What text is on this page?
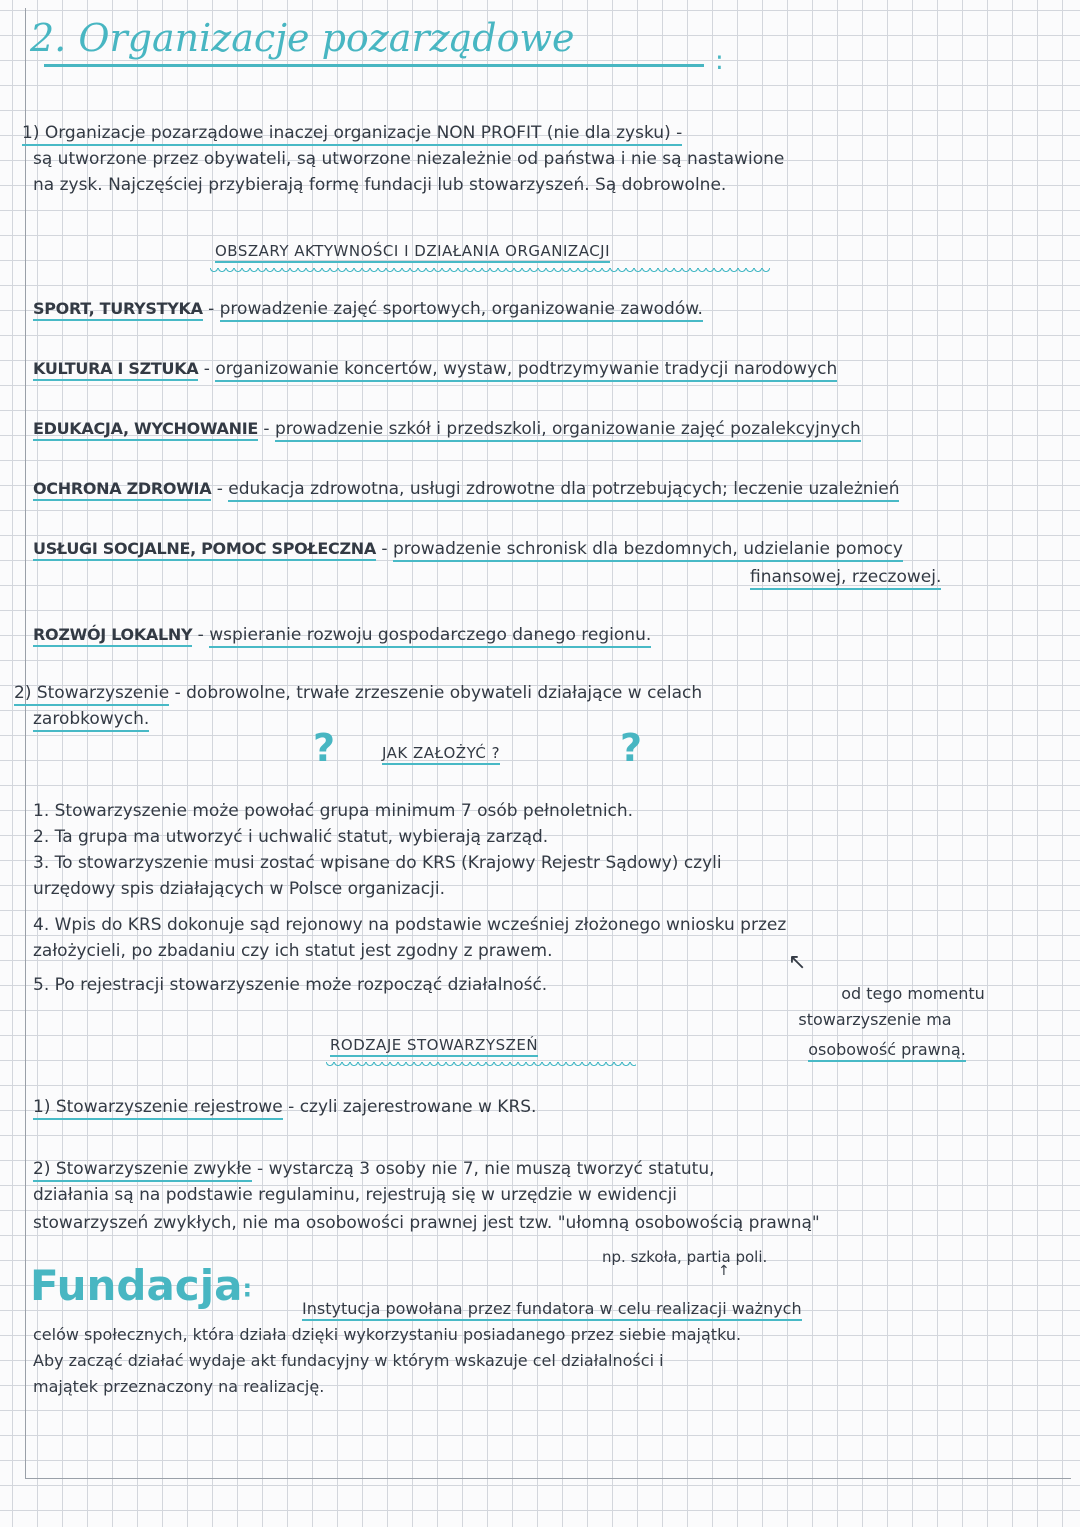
2. Organizacje pozarządowe
:
1) Organizacje pozarządowe inaczej organizacje NON PROFIT (nie dla zysku) -
są utworzone przez obywateli, są utworzone niezależnie od państwa i nie są nastawione
na zysk. Najczęściej przybierają formę fundacji lub stowarzyszeń. Są dobrowolne.
OBSZARY AKTYWNOŚCI I DZIAŁANIA ORGANIZACJI
SPORT, TURYSTYKA - prowadzenie zajęć sportowych, organizowanie zawodów.
KULTURA I SZTUKA - organizowanie koncertów, wystaw, podtrzymywanie tradycji narodowych
EDUKACJA, WYCHOWANIE - prowadzenie szkół i przedszkoli, organizowanie zajęć pozalekcyjnych
OCHRONA ZDROWIA - edukacja zdrowotna, usługi zdrowotne dla potrzebujących; leczenie uzależnień
USŁUGI SOCJALNE, POMOC SPOŁECZNA - prowadzenie schronisk dla bezdomnych, udzielanie pomocy
finansowej, rzeczowej.
ROZWÓJ LOKALNY - wspieranie rozwoju gospodarczego danego regionu.
2) Stowarzyszenie - dobrowolne, trwałe zrzeszenie obywateli działające w celach
zarobkowych.
?	JAK ZAŁOŻYĆ ?	?
1. Stowarzyszenie może powołać grupa minimum 7 osób pełnoletnich.
2. Ta grupa ma utworzyć i uchwalić statut, wybierają zarząd.
3. To stowarzyszenie musi zostać wpisane do KRS (Krajowy Rejestr Sądowy) czyli
urzędowy spis działających w Polsce organizacji.
4. Wpis do KRS dokonuje sąd rejonowy na podstawie wcześniej złożonego wniosku przez
założycieli, po zbadaniu czy ich statut jest zgodny z prawem.	↖
5. Po rejestracji stowarzyszenie może rozpocząć działalność.	od tego momentu
stowarzyszenie ma
osobowość prawną.
RODZAJE STOWARZYSZEŃ
1) Stowarzyszenie rejestrowe - czyli zajerestrowane w KRS.
2) Stowarzyszenie zwykłe - wystarczą 3 osoby nie 7, nie muszą tworzyć statutu,
działania są na podstawie regulaminu, rejestrują się w urzędzie w ewidencji
stowarzyszeń zwykłych, nie ma osobowości prawnej jest tzw. "ułomną osobowością prawną"
np. szkoła, partia poli.
↑
Fundacja:
Instytucja powołana przez fundatora w celu realizacji ważnych
celów społecznych, która działa dzięki wykorzystaniu posiadanego przez siebie majątku.
Aby zacząć działać wydaje akt fundacyjny w którym wskazuje cel działalności i
majątek przeznaczony na realizację.
